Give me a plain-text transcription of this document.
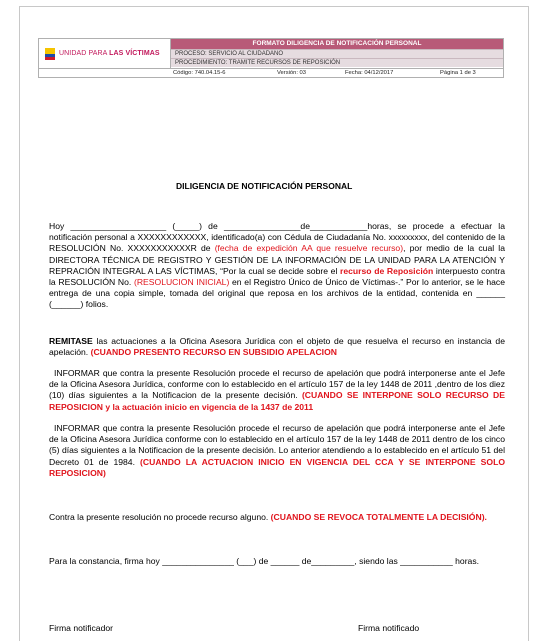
UNIDAD PARA LAS VÍCTIMAS
FORMATO DILIGENCIA DE NOTIFICACIÓN PERSONAL
PROCESO: SERVICIO AL CIUDADANO
PROCEDIMIENTO: TRAMITE RECURSOS DE REPOSICIÓN
Código: 740.04.15-6	Versión: 03	Fecha: 04/12/2017	Página 1 de 3
DILIGENCIA DE NOTIFICACIÓN PERSONAL
Hoy ____________________ (_____) de ________________de____________horas, se procede a efectuar la notificación personal a XXXXXXXXXXXX, identificado(a) con Cédula de Ciudadanía No. xxxxxxxxx, del contenido de la RESOLUCIÓN No. XXXXXXXXXXXR de (fecha de expedición AA que resuelve recurso), por medio de la cual la DIRECTORA TÉCNICA DE REGISTRO Y GESTIÓN DE LA INFORMACIÓN DE LA UNIDAD PARA LA ATENCIÓN Y REPRACIÓN INTEGRAL A LAS VÍCTIMAS, “Por la cual se decide sobre el recurso de Reposición interpuesto contra la RESOLUCIÓN No. (RESOLUCION INICIAL) en el Registro Único de Único de Víctimas-.” Por lo anterior, se le hace entrega de una copia simple, tomada del original que reposa en los archivos de la entidad, contenida en ______ (______) folios.
REMITASE las actuaciones a la Oficina Asesora Jurídica con el objeto de que resuelva el recurso en instancia de apelación. (CUANDO PRESENTO RECURSO EN SUBSIDIO APELACION
INFORMAR que contra la presente Resolución procede el recurso de apelación que podrá interponerse ante el Jefe de la Oficina Asesora Jurídica, conforme con lo establecido en el artículo 157 de la ley 1448 de 2011 ,dentro de los diez (10) días siguientes a la Notificacion de la presente decisión. (CUANDO SE INTERPONE SOLO RECURSO DE REPOSICION y la actuación inicio en vigencia de la 1437 de 2011
INFORMAR que contra la presente Resolución procede el recurso de apelación que podrá interponerse ante el Jefe de la Oficina Asesora Jurídica conforme con lo establecido en el artículo 157 de la ley 1448 de 2011 dentro de los cinco (5) días siguientes a la Notificacion de la presente decisión. Lo anterior atendiendo a lo establecido en el artículo 51 del Decreto 01 de 1984. (CUANDO LA ACTUACION INICIO EN VIGENCIA DEL CCA Y SE INTERPONE SOLO REPOSICION)
Contra la presente resolución no procede recurso alguno. (CUANDO SE REVOCA TOTALMENTE LA DECISIÓN).
Para la constancia, firma hoy _______________ (___) de ______ de_________, siendo las ___________ horas.
Firma notificador	Firma notificado
